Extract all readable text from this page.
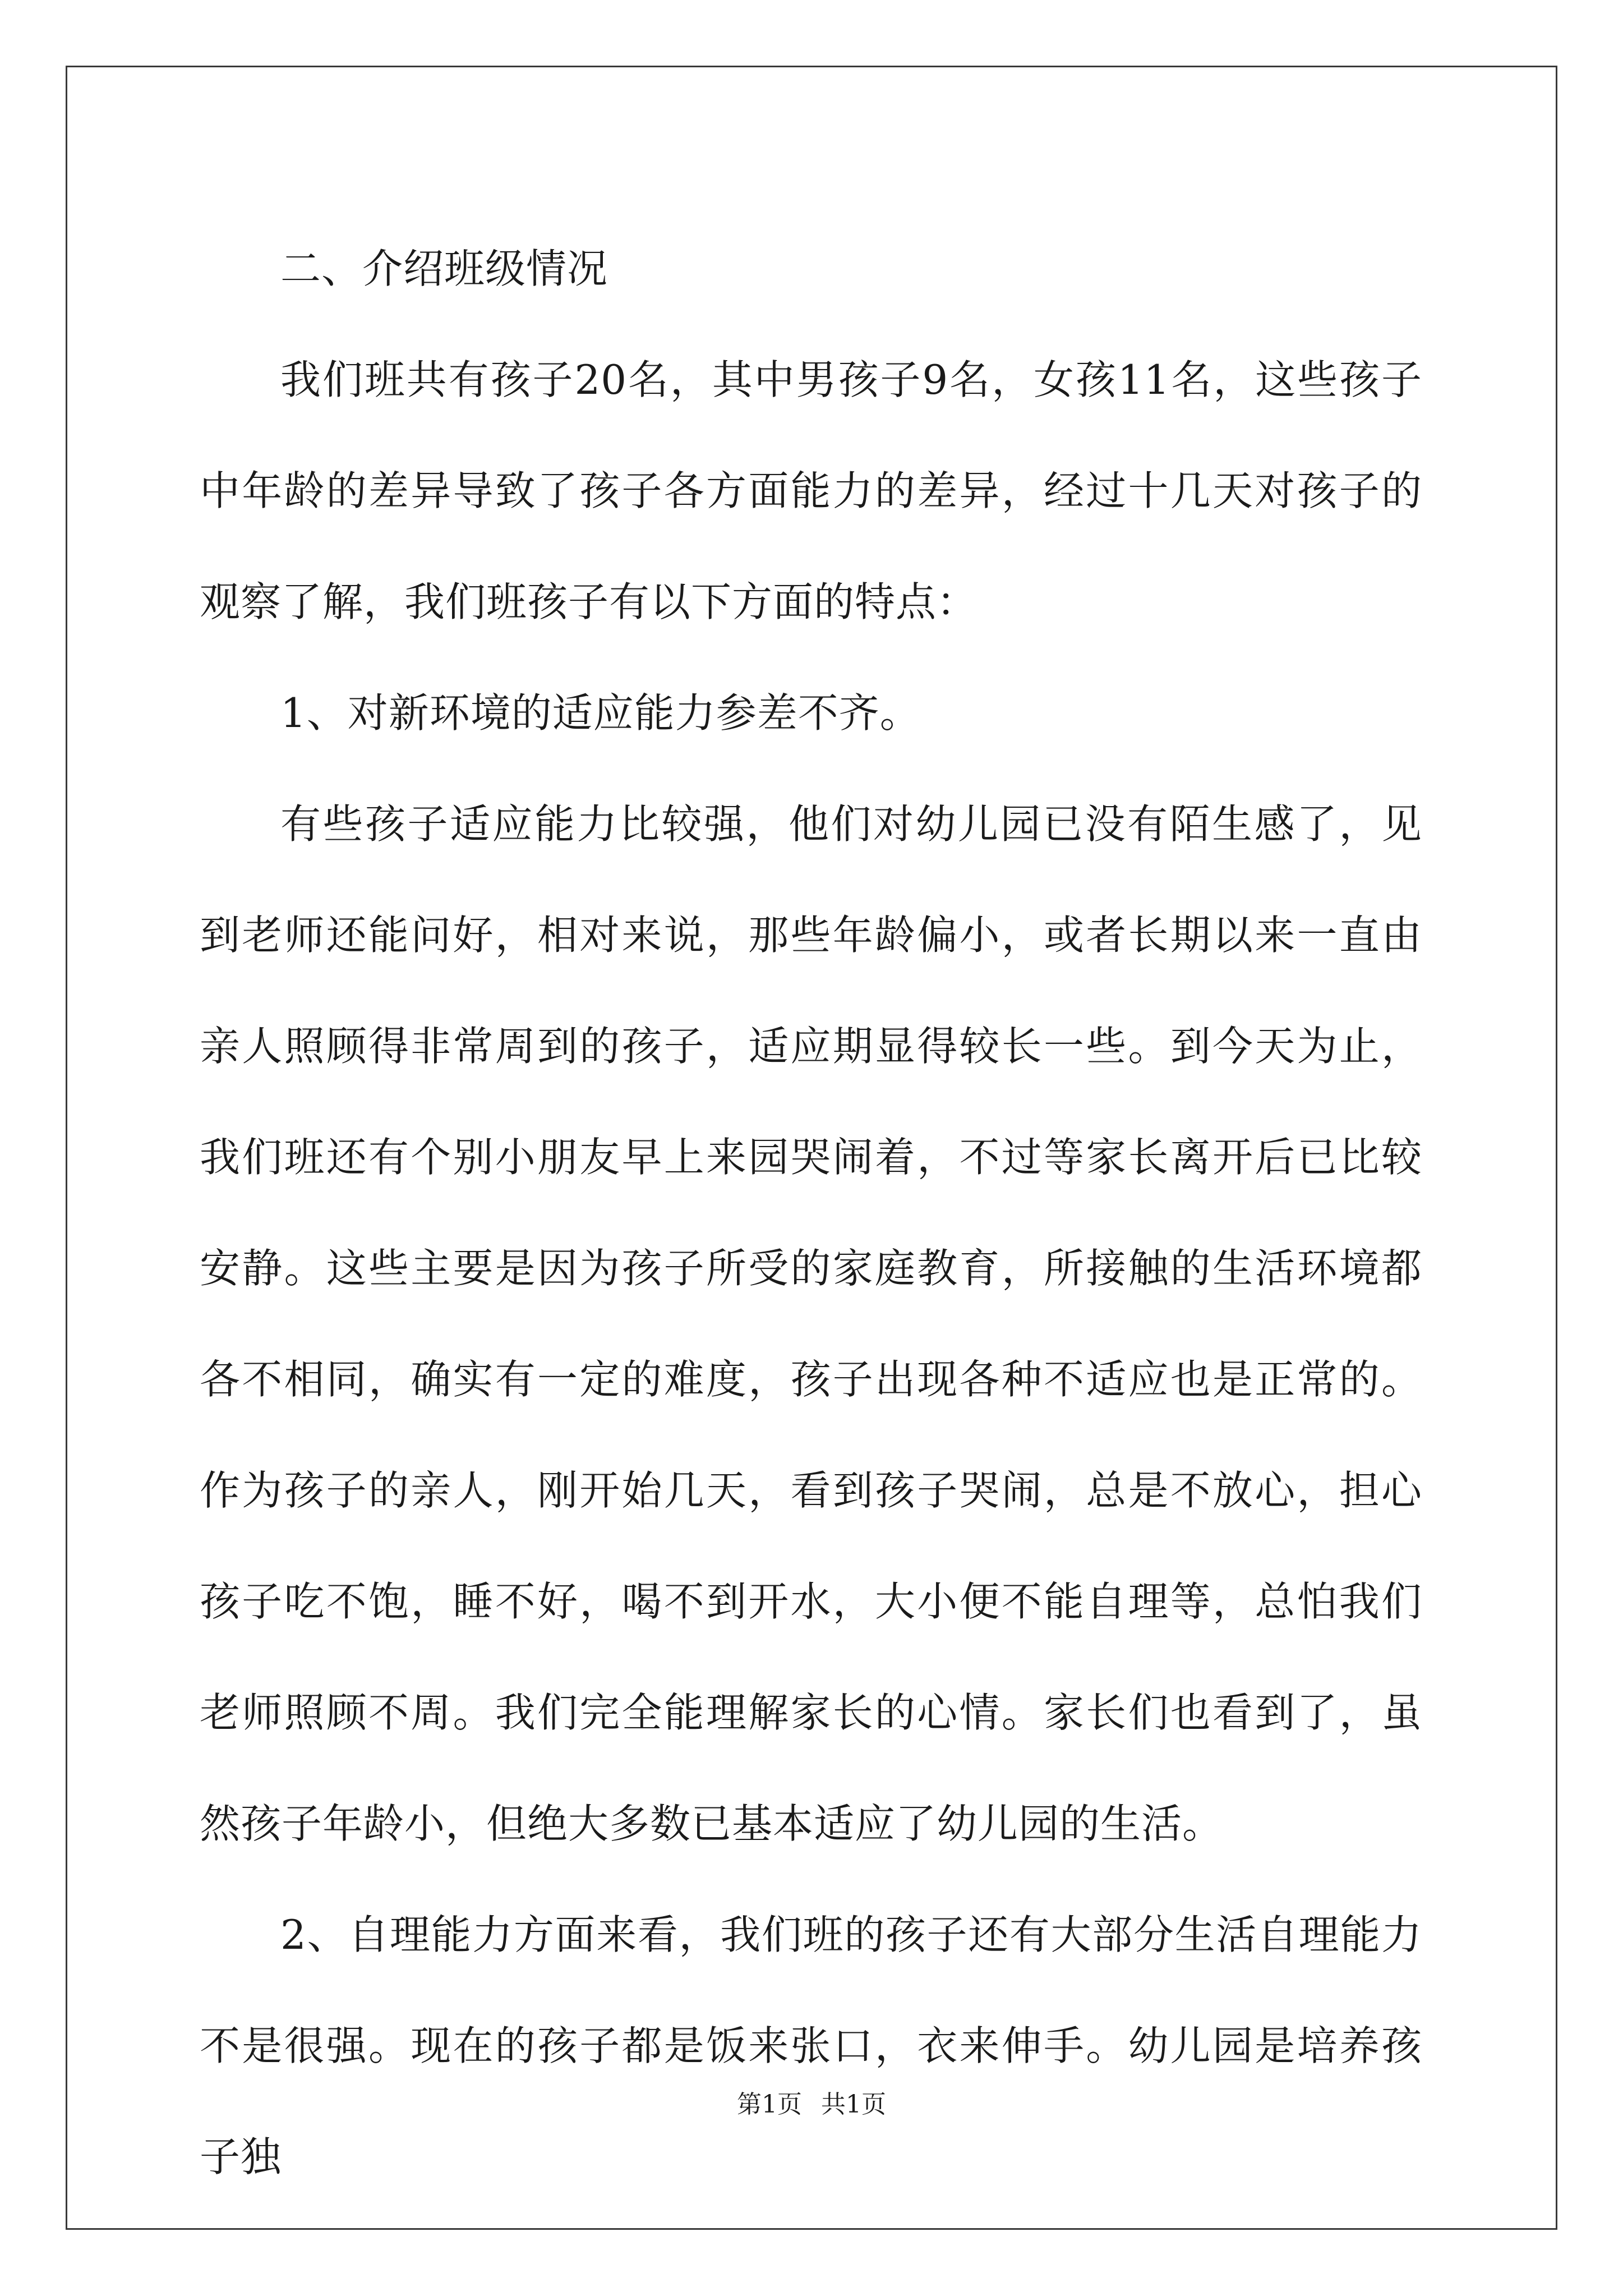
二、介绍班级情况

我们班共有孩子20名，其中男孩子9名，女孩11名，这些孩子中年龄的差异导致了孩子各方面能力的差异，经过十几天对孩子的观察了解，我们班孩子有以下方面的特点：

1、对新环境的适应能力参差不齐。

有些孩子适应能力比较强，他们对幼儿园已没有陌生感了，见到老师还能问好，相对来说，那些年龄偏小，或者长期以来一直由亲人照顾得非常周到的孩子，适应期显得较长一些。到今天为止，我们班还有个别小朋友早上来园哭闹着，不过等家长离开后已比较安静。这些主要是因为孩子所受的家庭教育，所接触的生活环境都各不相同，确实有一定的难度，孩子出现各种不适应也是正常的。作为孩子的亲人，刚开始几天，看到孩子哭闹，总是不放心，担心孩子吃不饱，睡不好，喝不到开水，大小便不能自理等，总怕我们老师照顾不周。我们完全能理解家长的心情。家长们也看到了，虽然孩子年龄小，但绝大多数已基本适应了幼儿园的生活。

2、自理能力方面来看，我们班的孩子还有大部分生活自理能力不是很强。现在的孩子都是饭来张口，衣来伸手。幼儿园是培养孩子独

第1页 共1页
